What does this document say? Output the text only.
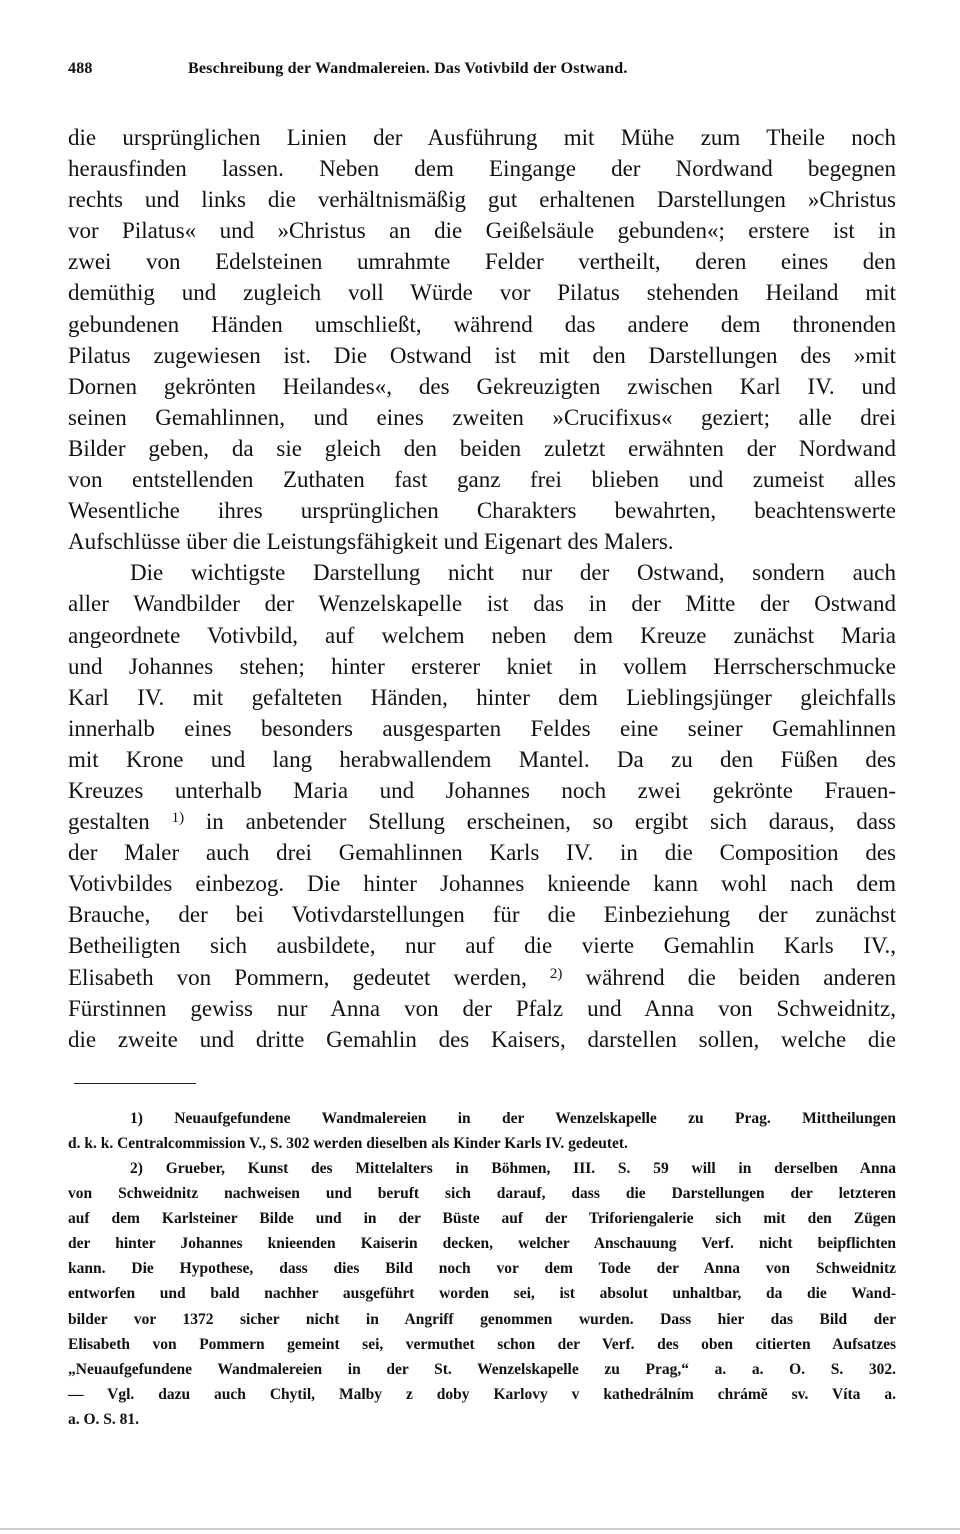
488	Beschreibung der Wandmalereien. Das Votivbild der Ostwand.

die ursprünglichen Linien der Ausführung mit Mühe zum Theile noch

herausfinden lassen. Neben dem Eingange der Nordwand begegnen

rechts und links die verhältnismäßig gut erhaltenen Darstellungen »Christus

vor Pilatus« und »Christus an die Geißelsäule gebunden«; erstere ist in

zwei von Edelsteinen umrahmte Felder vertheilt, deren eines den

demüthig und zugleich voll Würde vor Pilatus stehenden Heiland mit

gebundenen Händen umschließt, während das andere dem thronenden

Pilatus zugewiesen ist. Die Ostwand ist mit den Darstellungen des »mit

Dornen gekrönten Heilandes«, des Gekreuzigten zwischen Karl IV. und

seinen Gemahlinnen, und eines zweiten »Crucifixus« geziert; alle drei

Bilder geben, da sie gleich den beiden zuletzt erwähnten der Nordwand

von entstellenden Zuthaten fast ganz frei blieben und zumeist alles

Wesentliche ihres ursprünglichen Charakters bewahrten, beachtenswerte

Aufschlüsse über die Leistungsfähigkeit und Eigenart des Malers.

Die wichtigste Darstellung nicht nur der Ostwand, sondern auch

aller Wandbilder der Wenzelskapelle ist das in der Mitte der Ostwand

angeordnete Votivbild, auf welchem neben dem Kreuze zunächst Maria

und Johannes stehen; hinter ersterer kniet in vollem Herrscherschmucke

Karl IV. mit gefalteten Händen, hinter dem Lieblingsjünger gleichfalls

innerhalb eines besonders ausgesparten Feldes eine seiner Gemahlinnen

mit Krone und lang herabwallendem Mantel. Da zu den Füßen des

Kreuzes unterhalb Maria und Johannes noch zwei gekrönte Frauen-

gestalten $^{1)}$ in anbetender Stellung erscheinen, so ergibt sich daraus, dass

der Maler auch drei Gemahlinnen Karls IV. in die Composition des

Votivbildes einbezog. Die hinter Johannes knieende kann wohl nach dem

Brauche, der bei Votivdarstellungen für die Einbeziehung der zunächst

Betheiligten sich ausbildete, nur auf die vierte Gemahlin Karls IV.,

Elisabeth von Pommern, gedeutet werden, $^{2)}$ während die beiden anderen

Fürstinnen gewiss nur Anna von der Pfalz und Anna von Schweidnitz,

die zweite und dritte Gemahlin des Kaisers, darstellen sollen, welche die

1) Neuaufgefundene Wandmalereien in der Wenzelskapelle zu Prag. Mittheilungen

d. k. k. Centralcommission V., S. 302 werden dieselben als Kinder Karls IV. gedeutet.

2) Grueber, Kunst des Mittelalters in Böhmen, III. S. 59 will in derselben Anna

von Schweidnitz nachweisen und beruft sich darauf, dass die Darstellungen der letzteren

auf dem Karlsteiner Bilde und in der Büste auf der Triforiengalerie sich mit den Zügen

der hinter Johannes knieenden Kaiserin decken, welcher Anschauung Verf. nicht beipflichten

kann. Die Hypothese, dass dies Bild noch vor dem Tode der Anna von Schweidnitz

entworfen und bald nachher ausgeführt worden sei, ist absolut unhaltbar, da die Wand-

bilder vor 1372 sicher nicht in Angriff genommen wurden. Dass hier das Bild der

Elisabeth von Pommern gemeint sei, vermuthet schon der Verf. des oben citierten Aufsatzes

„Neuaufgefundene Wandmalereien in der St. Wenzelskapelle zu Prag,“ a. a. O. S. 302.

— Vgl. dazu auch Chytil, Malby z doby Karlovy v kathedrálním chrámě sv. Víta a.

a. O. S. 81.
